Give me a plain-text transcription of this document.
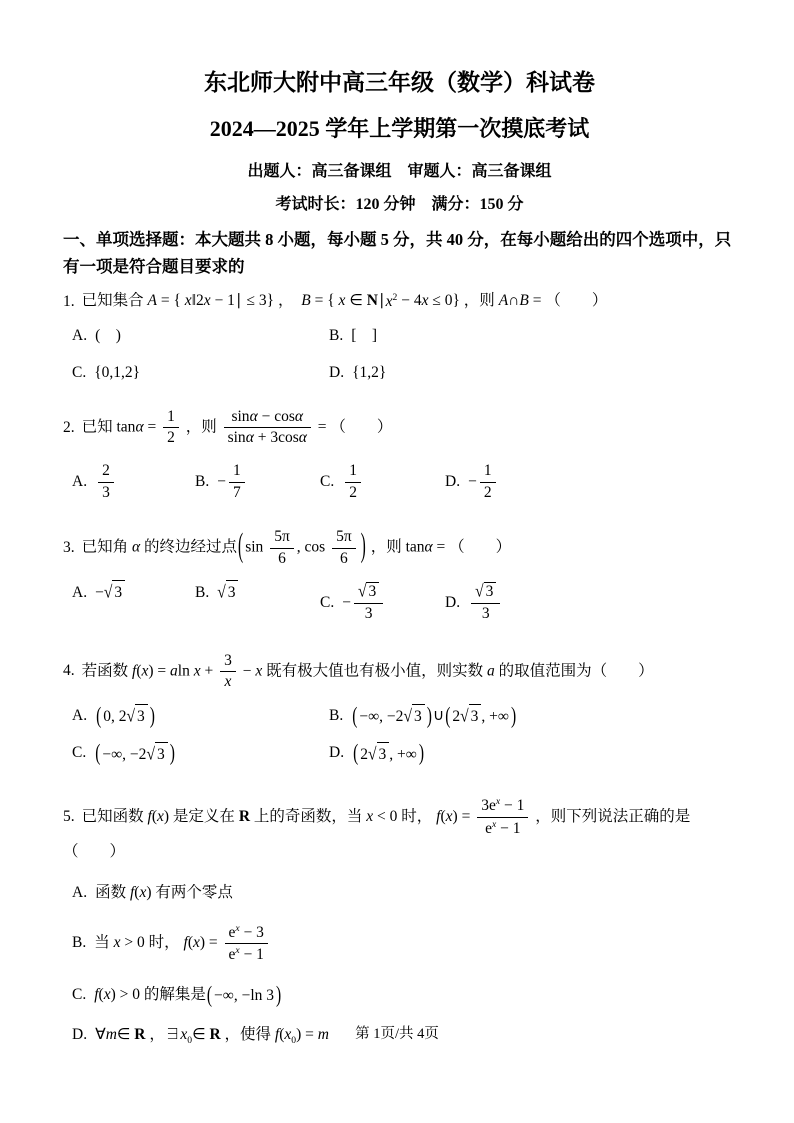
东北师大附中高三年级（数学）科试卷
2024—2025 学年上学期第一次摸底考试
出题人：高三备课组　审题人：高三备课组
考试时长：120 分钟　满分：150 分
一、单项选择题：本大题共 8 小题，每小题 5 分，共 40 分，在每小题给出的四个选项中，只有一项是符合题目要求的
1. 已知集合 A = { x‖2x − 1∣ ≤ 3} ，  B = { x ∈ $N∣x^2 - 4x \le 0$} ，则 A∩B = （　　）
A. (　)	B. [　]
C. {0,1,2}	D. {1,2}
2. 已知 $\tan\alpha = \frac{1}{2}$ ，则 $\frac{\sin\alpha - \cos\alpha}{\sin\alpha + 3\cos\alpha}$ = （　　）
A. $\frac{2}{3}$	B. − $\frac{1}{7}$	C. $\frac{1}{2}$	D. − $\frac{1}{2}$
3. 已知角 α 的终边经过点 ( $\sin \frac{5\pi}{6}$ , $\cos \frac{5\pi}{6}$ ) ，则 tanα = （　　）
A. −√ 3	B. √ 3
C. − $\frac{√ 3}{3}$	D. $\frac{√ 3}{3}$
4. 若函数 f(x) = aln $x + \frac{3}{x} - x$ 既有极大值也有极小值，则实数 a 的取值范围为（　　）
A. ( 0, 2√ 3 )	B. ( −∞, −2√ 3 ) ∪ ( 2√ 3 , +∞ )
C. ( −∞, −2√ 3 )	D. ( 2√ 3 , +∞ )
5. 已知函数 f(x) 是定义在 R 上的奇函数，当 x < 0 时， $f(x) = \frac{3e^x - 1}{e^x - 1}$ ，则下列说法正确的是（　　）
A. 函数 f(x) 有两个零点
B. 当 x > 0 时， $f(x) = \frac{e^x - 3}{e^x - 1}$
C. f(x) > 0 的解集是 ( −∞, −ln 3 )
D. ∀m∈ R ，$\exists x_0\in$ R ，使得 $f(x_0) = m$	第 1页/共 4页
